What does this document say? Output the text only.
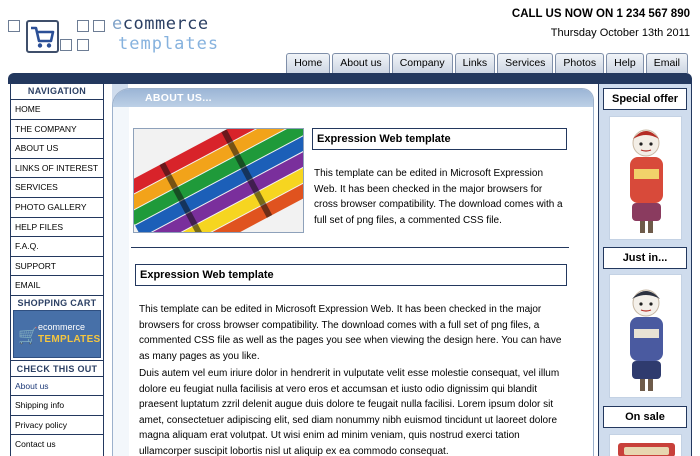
ecommerce
templates
CALL US NOW ON 1 234 567 890
Thursday October 13th 2011
Home	About us	Company	Links	Services	Photos	Help	Email
NAVIGATION
HOME
THE COMPANY
ABOUT US
LINKS OF INTEREST
SERVICES
PHOTO GALLERY
HELP FILES
F.A.Q.
SUPPORT
EMAIL
SHOPPING CART
🛒 ecommerce
TEMPLATES
CHECK THIS OUT
About us
Shipping info
Privacy policy
Contact us
ABOUT US...
Expression Web template
This template can be edited in Microsoft Expression Web. It has been checked in the major browsers for cross browser compatibility. The download comes with a full set of png files, a commented CSS file.
Expression Web template
This template can be edited in Microsoft Expression Web. It has been checked in the major browsers for cross browser compatibility. The download comes with a full set of png files, a commented CSS file as well as the pages you see when viewing the design here. You can have as many pages as you like.
Duis autem vel eum iriure dolor in hendrerit in vulputate velit esse molestie consequat, vel illum dolore eu feugiat nulla facilisis at vero eros et accumsan et iusto odio dignissim qui blandit praesent luptatum zzril delenit augue duis dolore te feugait nulla facilisi. Lorem ipsum dolor sit amet, consectetuer adipiscing elit, sed diam nonummy nibh euismod tincidunt ut laoreet dolore magna aliquam erat volutpat. Ut wisi enim ad minim veniam, quis nostrud exerci tation ullamcorper suscipit lobortis nisl ut aliquip ex ea commodo consequat.
Special offer
Just in...
On sale
